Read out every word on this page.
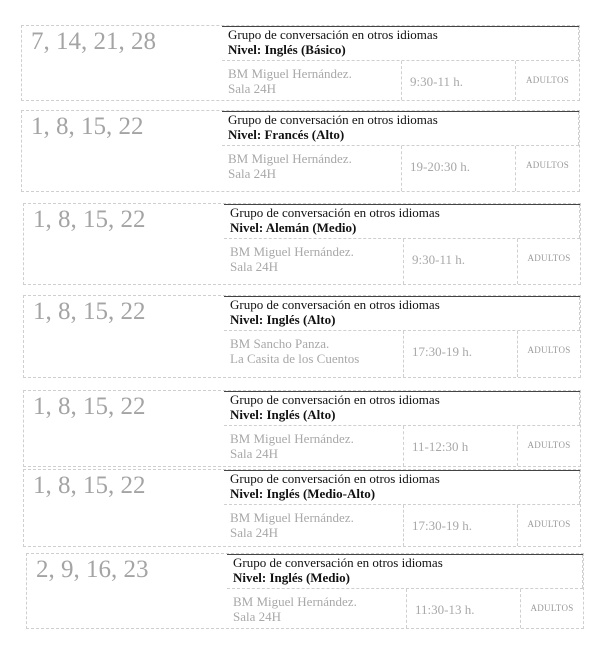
7, 14, 21, 28	Grupo de conversación en otros idiomas
Nivel: Inglés (Básico)
BM Miguel Hernández.
Sala 24H	9:30-11 h.	ADULTOS
1, 8, 15, 22	Grupo de conversación en otros idiomas
Nivel: Francés (Alto)
BM Miguel Hernández.
Sala 24H	19-20:30 h.	ADULTOS
1, 8, 15, 22	Grupo de conversación en otros idiomas
Nivel: Alemán (Medio)
BM Miguel Hernández.
Sala 24H	9:30-11 h.	ADULTOS
1, 8, 15, 22	Grupo de conversación en otros idiomas
Nivel: Inglés (Alto)
BM Sancho Panza.
La Casita de los Cuentos	17:30-19 h.	ADULTOS
1, 8, 15, 22	Grupo de conversación en otros idiomas
Nivel: Inglés (Alto)
BM Miguel Hernández.
Sala 24H	11-12:30 h	ADULTOS
1, 8, 15, 22	Grupo de conversación en otros idiomas
Nivel: Inglés (Medio-Alto)
BM Miguel Hernández.
Sala 24H	17:30-19 h.	ADULTOS
2, 9, 16, 23	Grupo de conversación en otros idiomas
Nivel: Inglés (Medio)
BM Miguel Hernández.
Sala 24H	11:30-13 h.	ADULTOS
